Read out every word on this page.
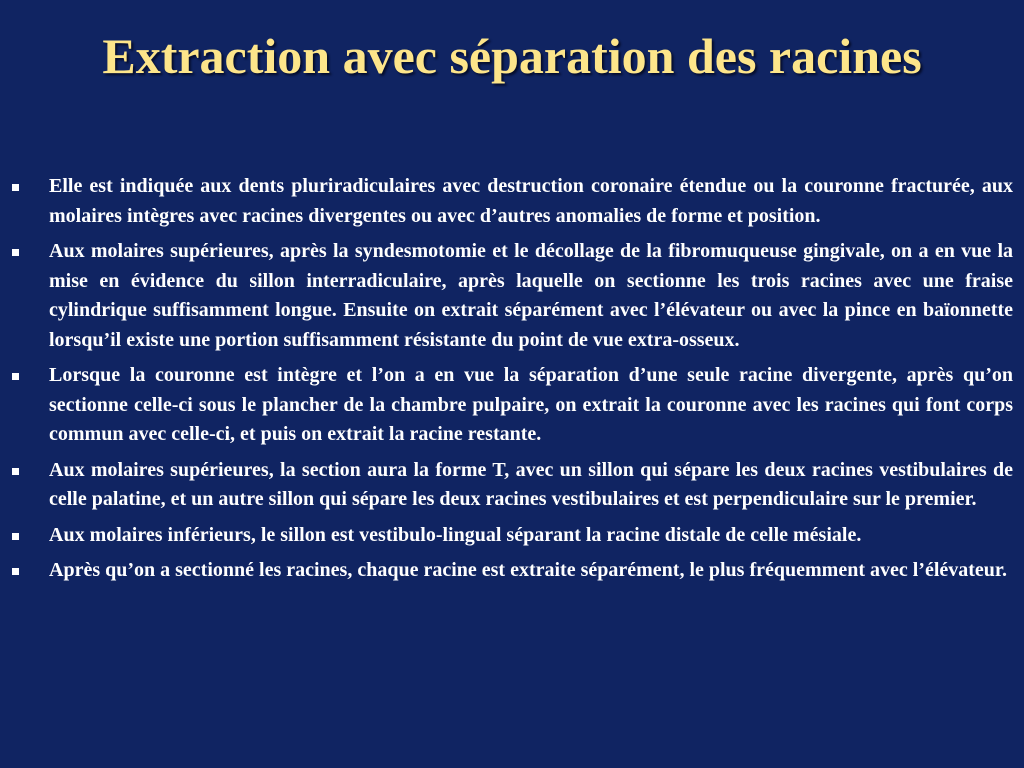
Extraction avec séparation des racines
Elle est indiquée aux dents pluriradiculaires avec destruction coronaire étendue ou la couronne fracturée, aux molaires intègres avec racines divergentes ou avec d’autres anomalies de forme et position.
Aux molaires supérieures, après la syndesmotomie et le décollage de la fibromuqueuse gingivale, on a en vue la mise en évidence du sillon interradiculaire, après laquelle on sectionne les trois racines avec une fraise cylindrique suffisamment longue. Ensuite on extrait séparément avec l’élévateur ou avec la pince en baïonnette lorsqu’il existe une portion suffisamment résistante du point de vue extra-osseux.
Lorsque la couronne est intègre et l’on a en vue la séparation d’une seule racine divergente, après qu’on sectionne celle-ci sous le plancher de la chambre pulpaire, on extrait la couronne avec les racines qui font corps commun avec celle-ci, et puis on extrait la racine restante.
Aux molaires supérieures, la section aura la forme T, avec un sillon qui sépare les deux racines vestibulaires de celle palatine, et un autre sillon qui sépare les deux racines vestibulaires et est perpendiculaire sur le premier.
Aux molaires inférieurs, le sillon est vestibulo-lingual séparant la racine distale de celle mésiale.
Après qu’on a sectionné les racines, chaque racine est extraite séparément, le plus fréquemment avec l’élévateur.
